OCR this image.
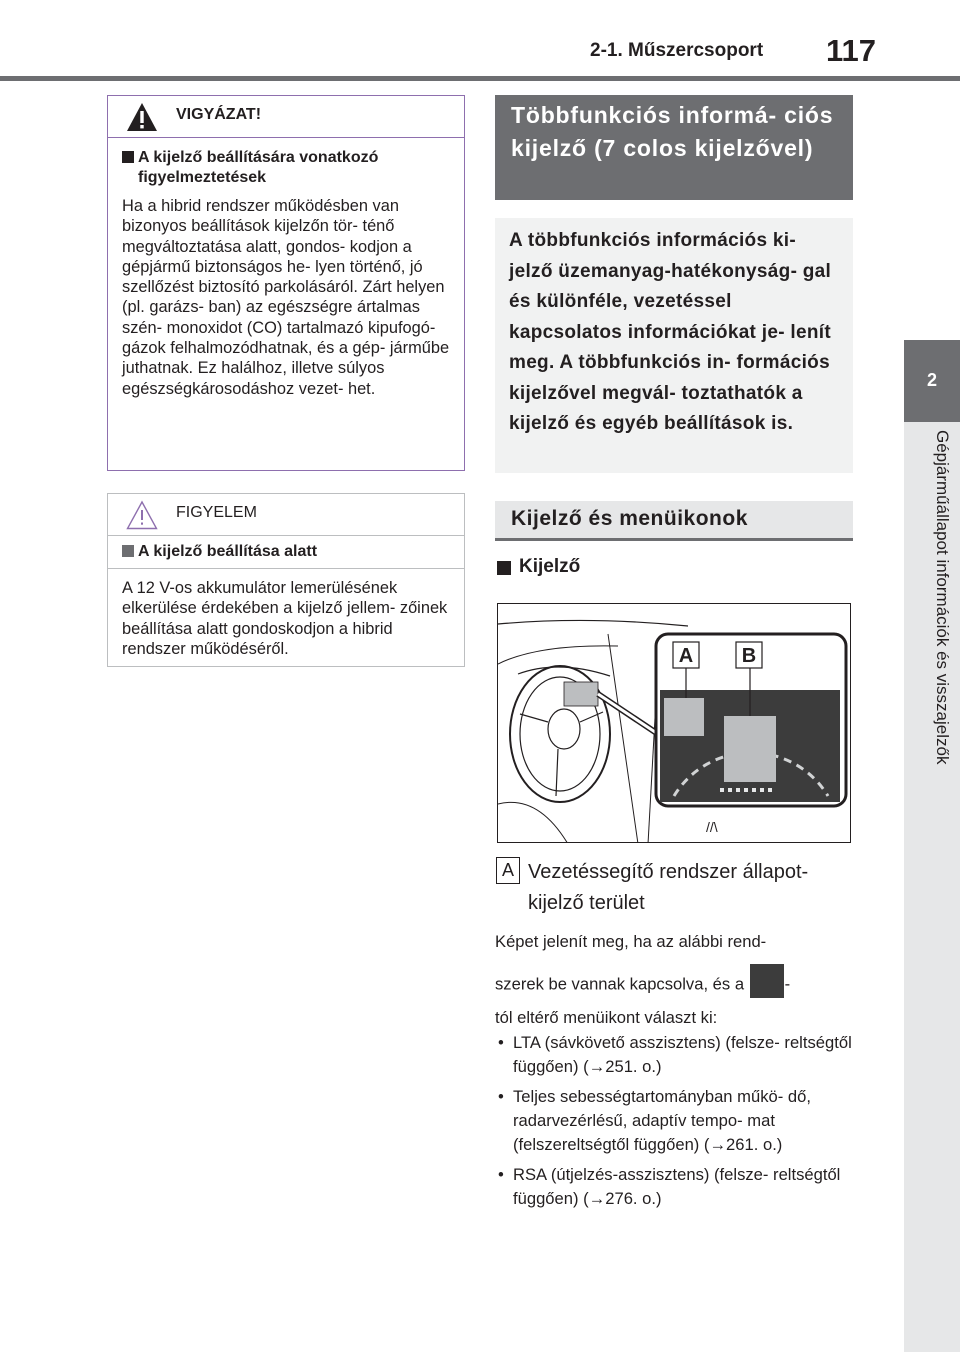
2-1. Műszercsoport 117
2
Gépjárműállapot információk és visszajelzők
VIGYÁZAT!
A kijelző beállítására vonatkozó figyelmeztetések
Ha a hibrid rendszer működésben van bizonyos beállítások kijelzőn tör- ténő megváltoztatása alatt, gondos- kodjon a gépjármű biztonságos he- lyen történő, jó szellőzést biztosító parkolásáról. Zárt helyen (pl. garázs- ban) az egészségre ártalmas szén- monoxidot (CO) tartalmazó kipufogó- gázok felhalmozódhatnak, és a gép- járműbe juthatnak. Ez halálhoz, illetve súlyos egészségkárosodáshoz vezet- het.
FIGYELEM
A kijelző beállítása alatt
A 12 V-os akkumulátor lemerülésének elkerülése érdekében a kijelző jellem- zőinek beállítása alatt gondoskodjon a hibrid rendszer működéséről.
Többfunkciós informá- ciós kijelző (7 colos kijelzővel)
A többfunkciós információs ki- jelző üzemanyag-hatékonyság- gal és különféle, vezetéssel kapcsolatos információkat je- lenít meg. A többfunkciós in- formációs kijelzővel megvál- toztathatók a kijelző és egyéb beállítások is.
Kijelző és menüikonok
Kijelző
A B
//\
A Vezetéssegítő rendszer állapot- kijelző terület
Képet jelenít meg, ha az alábbi rend-
szerek be vannak kapcsolva, és a -
tól eltérő menüikont választ ki:
• LTA (sávkövető asszisztens) (felsze- reltségtől függően) (→251. o.)
• Teljes sebességtartományban műkö- dő, radarvezérlésű, adaptív tempo- mat (felszereltségtől függően) (→261. o.)
• RSA (útjelzés-asszisztens) (felsze- reltségtől függően) (→276. o.)
